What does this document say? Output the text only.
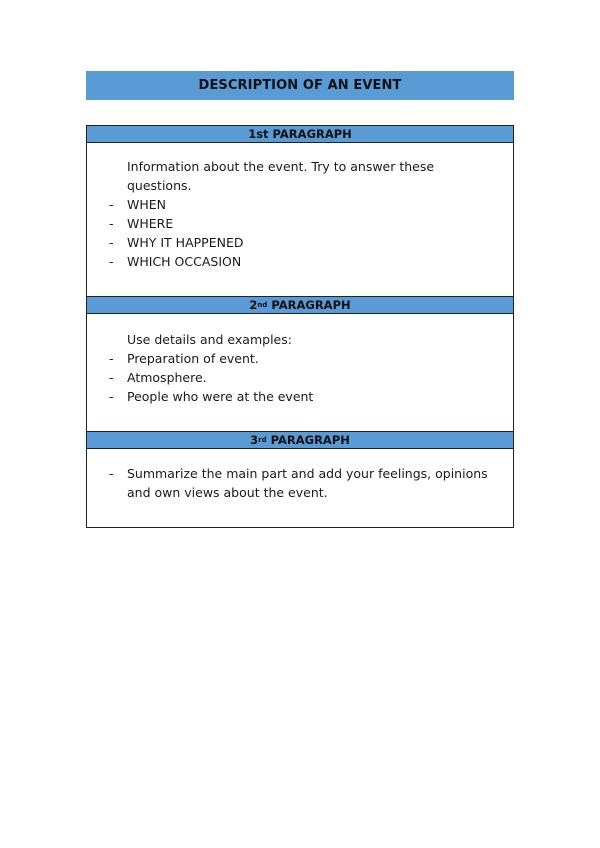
DESCRIPTION OF AN EVENT
1st PARAGRAPH
Information about the event. Try to answer these questions.
- WHEN
- WHERE
- WHY IT HAPPENED
- WHICH OCCASION
2 nd PARAGRAPH
Use details and examples:
- Preparation of event.
- Atmosphere.
- People who were at the event
3 rd PARAGRAPH
- Summarize the main part and add your feelings, opinions and own views about the event.
